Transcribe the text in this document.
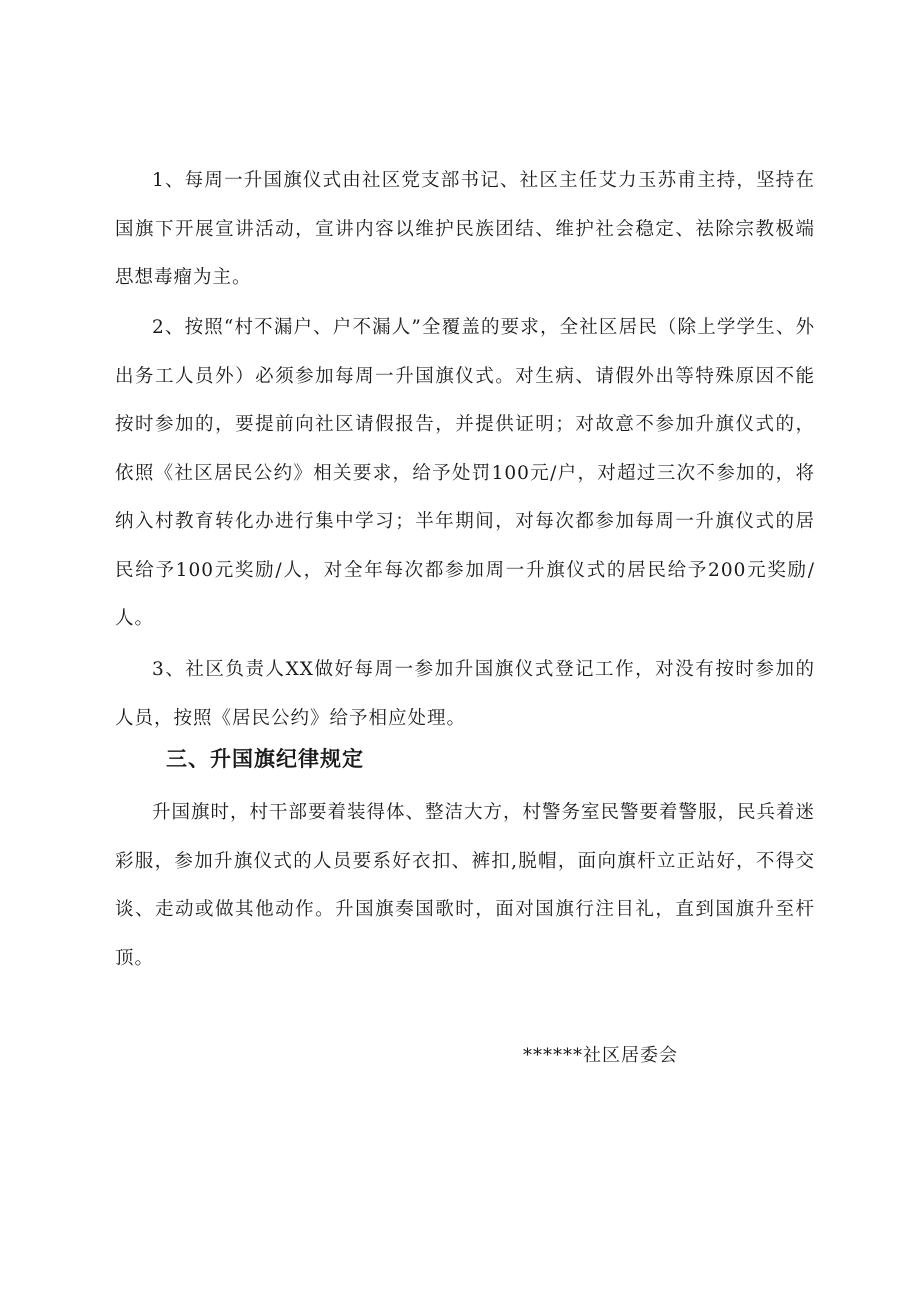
1、每周一升国旗仪式由社区党支部书记、社区主任艾力玉苏甫主持，坚持在国旗下开展宣讲活动，宣讲内容以维护民族团结、维护社会稳定、祛除宗教极端思想毒瘤为主。

2、按照“村不漏户、户不漏人”全覆盖的要求，全社区居民（除上学学生、外出务工人员外）必须参加每周一升国旗仪式。对生病、请假外出等特殊原因不能按时参加的，要提前向社区请假报告，并提供证明；对故意不参加升旗仪式的，依照《社区居民公约》相关要求，给予处罚100元/户，对超过三次不参加的，将纳入村教育转化办进行集中学习；半年期间，对每次都参加每周一升旗仪式的居民给予100元奖励/人，对全年每次都参加周一升旗仪式的居民给予200元奖励/人。

3、社区负责人XX做好每周一参加升国旗仪式登记工作，对没有按时参加的人员，按照《居民公约》给予相应处理。

三、升国旗纪律规定

升国旗时，村干部要着装得体、整洁大方，村警务室民警要着警服，民兵着迷彩服，参加升旗仪式的人员要系好衣扣、裤扣,脱帽，面向旗杆立正站好，不得交谈、走动或做其他动作。升国旗奏国歌时，面对国旗行注目礼，直到国旗升至杆顶。

******社区居委会
